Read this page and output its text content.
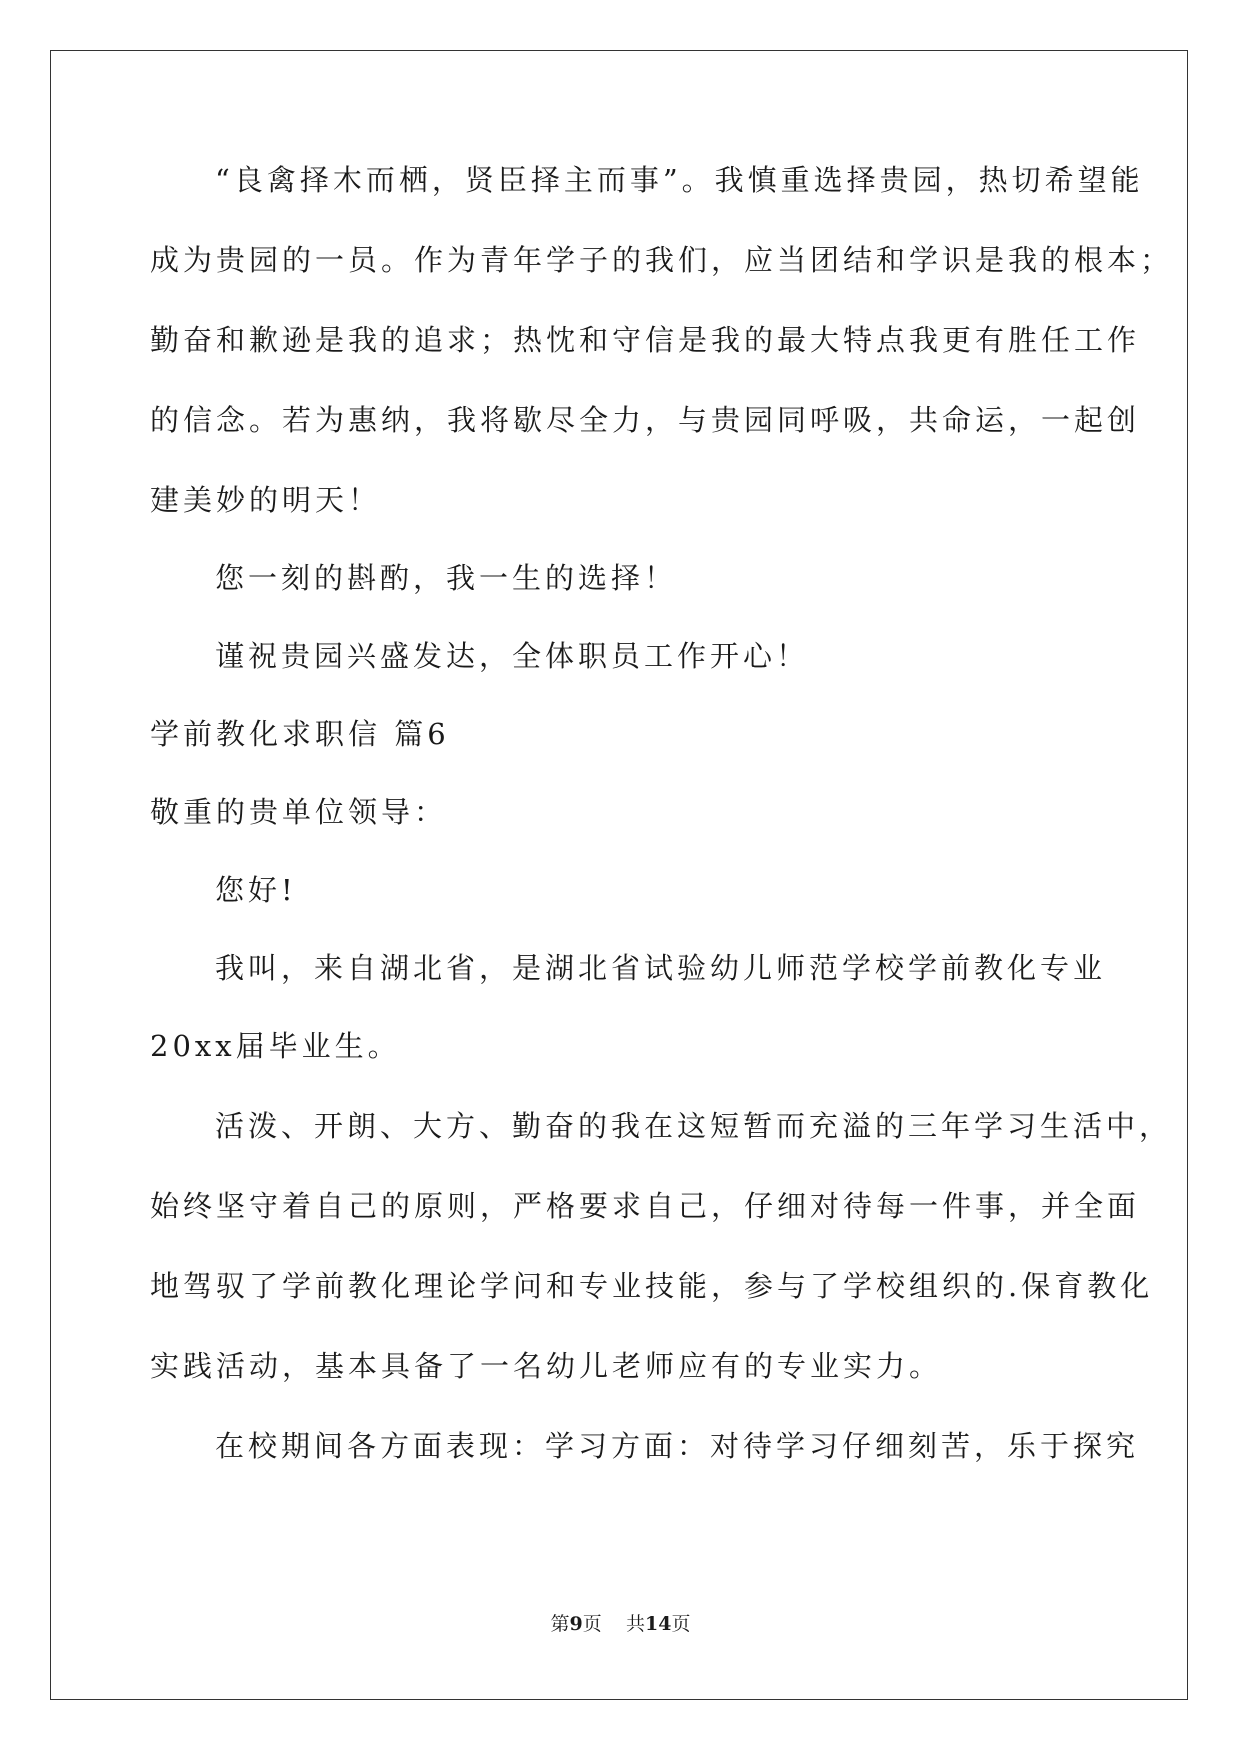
“良禽择木而栖，贤臣择主而事”。我慎重选择贵园，热切希望能
成为贵园的一员。作为青年学子的我们，应当团结和学识是我的根本；
勤奋和歉逊是我的追求；热忱和守信是我的最大特点我更有胜任工作
的信念。若为惠纳，我将歇尽全力，与贵园同呼吸，共命运，一起创
建美妙的明天！
您一刻的斟酌，我一生的选择！
谨祝贵园兴盛发达，全体职员工作开心！
学前教化求职信 篇6
敬重的贵单位领导：
您好!
我叫，来自湖北省，是湖北省试验幼儿师范学校学前教化专业
20xx届毕业生。
活泼、开朗、大方、勤奋的我在这短暂而充溢的三年学习生活中，
始终坚守着自己的原则，严格要求自己，仔细对待每一件事，并全面
地驾驭了学前教化理论学问和专业技能，参与了学校组织的.保育教化
实践活动，基本具备了一名幼儿老师应有的专业实力。
在校期间各方面表现：学习方面：对待学习仔细刻苦，乐于探究
第9页 共14页
